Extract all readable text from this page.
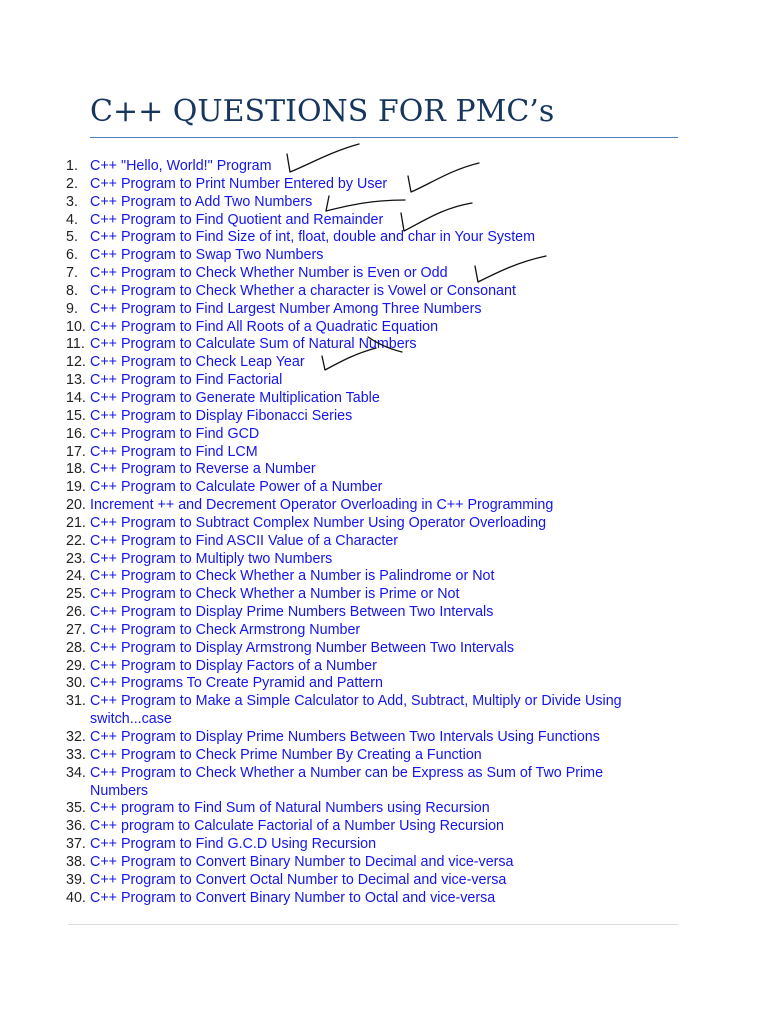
C++ QUESTIONS FOR PMC’s
1. C++ "Hello, World!" Program
2. C++ Program to Print Number Entered by User
3. C++ Program to Add Two Numbers
4. C++ Program to Find Quotient and Remainder
5. C++ Program to Find Size of int, float, double and char in Your System
6. C++ Program to Swap Two Numbers
7. C++ Program to Check Whether Number is Even or Odd
8. C++ Program to Check Whether a character is Vowel or Consonant
9. C++ Program to Find Largest Number Among Three Numbers
10. C++ Program to Find All Roots of a Quadratic Equation
11. C++ Program to Calculate Sum of Natural Numbers
12. C++ Program to Check Leap Year
13. C++ Program to Find Factorial
14. C++ Program to Generate Multiplication Table
15. C++ Program to Display Fibonacci Series
16. C++ Program to Find GCD
17. C++ Program to Find LCM
18. C++ Program to Reverse a Number
19. C++ Program to Calculate Power of a Number
20. Increment ++ and Decrement Operator Overloading in C++ Programming
21. C++ Program to Subtract Complex Number Using Operator Overloading
22. C++ Program to Find ASCII Value of a Character
23. C++ Program to Multiply two Numbers
24. C++ Program to Check Whether a Number is Palindrome or Not
25. C++ Program to Check Whether a Number is Prime or Not
26. C++ Program to Display Prime Numbers Between Two Intervals
27. C++ Program to Check Armstrong Number
28. C++ Program to Display Armstrong Number Between Two Intervals
29. C++ Program to Display Factors of a Number
30. C++ Programs To Create Pyramid and Pattern
31. C++ Program to Make a Simple Calculator to Add, Subtract, Multiply or Divide Using switch...case
32. C++ Program to Display Prime Numbers Between Two Intervals Using Functions
33. C++ Program to Check Prime Number By Creating a Function
34. C++ Program to Check Whether a Number can be Express as Sum of Two Prime Numbers
35. C++ program to Find Sum of Natural Numbers using Recursion
36. C++ program to Calculate Factorial of a Number Using Recursion
37. C++ Program to Find G.C.D Using Recursion
38. C++ Program to Convert Binary Number to Decimal and vice-versa
39. C++ Program to Convert Octal Number to Decimal and vice-versa
40. C++ Program to Convert Binary Number to Octal and vice-versa
